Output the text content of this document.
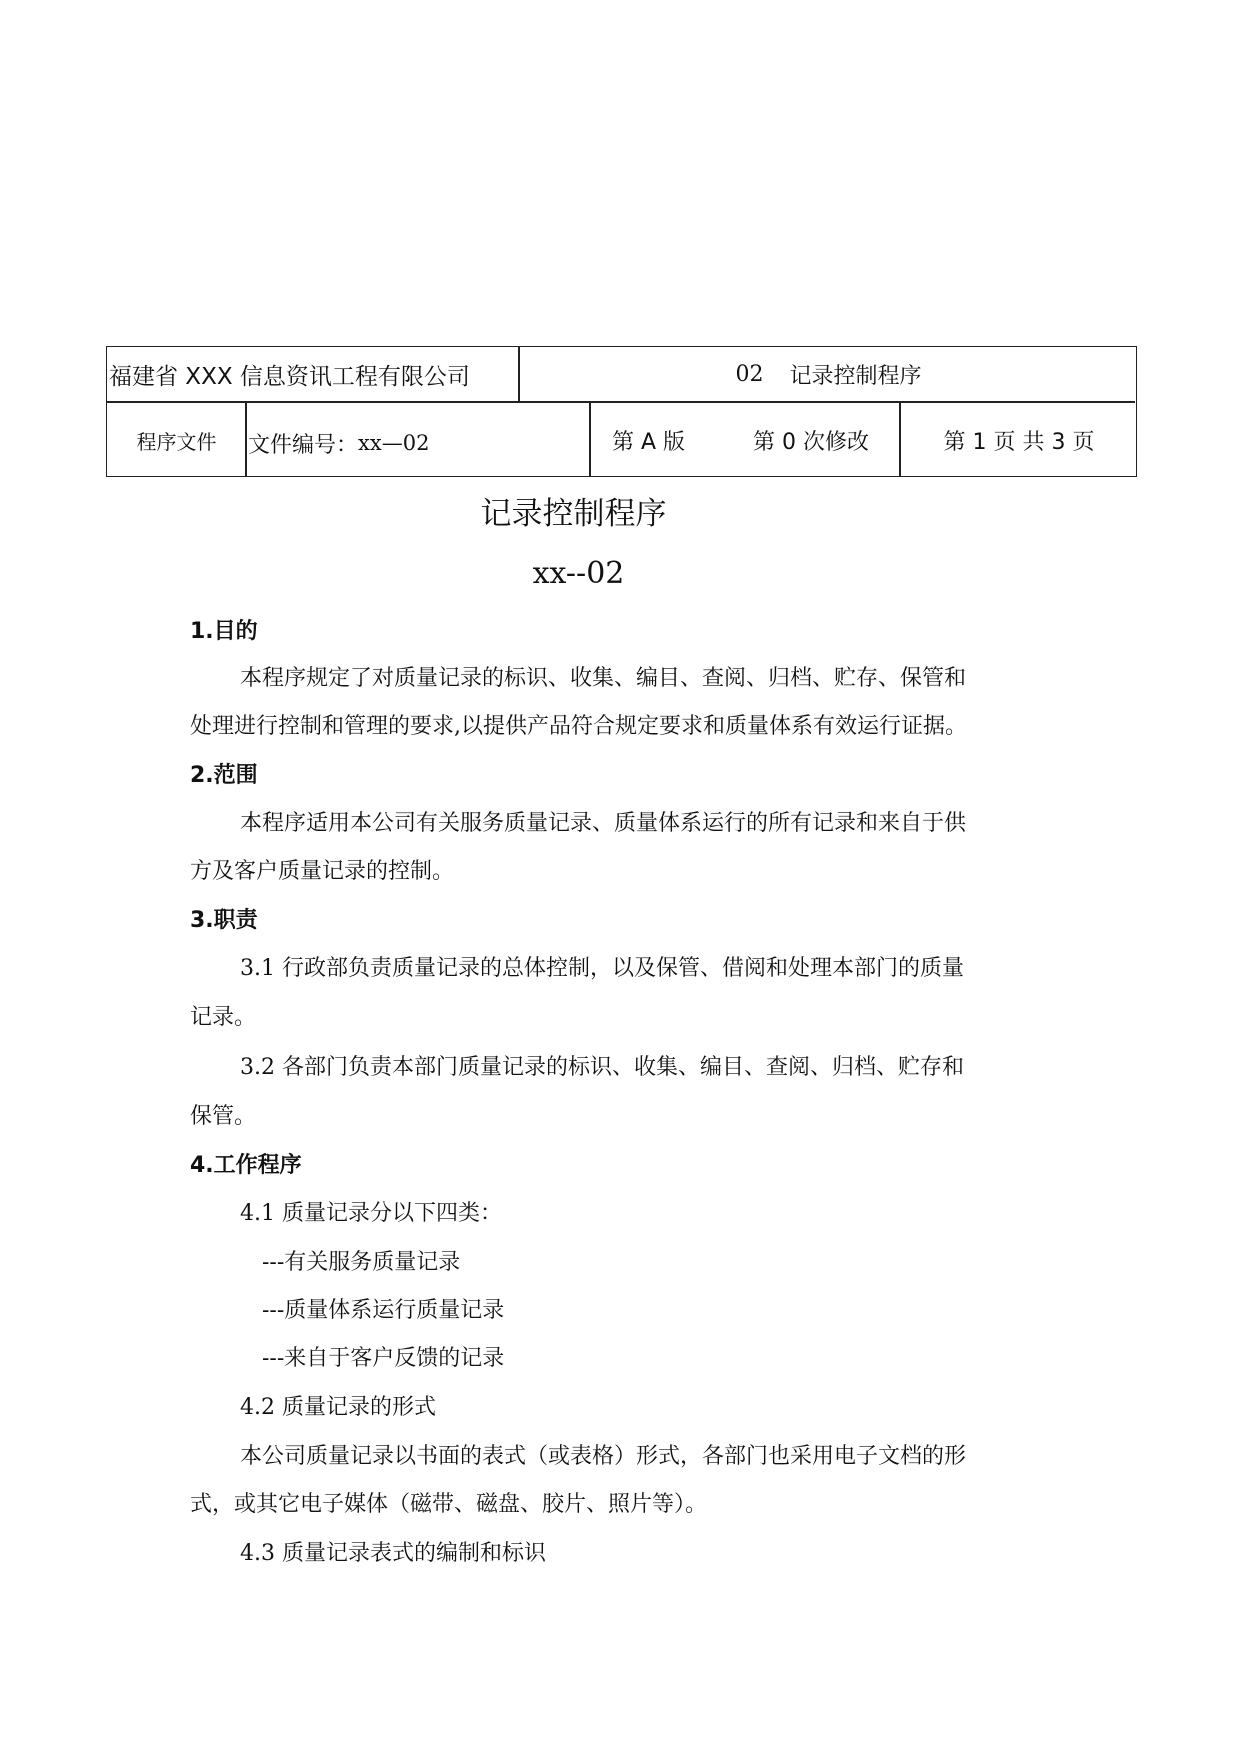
福建省 XXX 信息资讯工程有限公司	02 记录控制程序
程序文件	文件编号： xx—02	第 A 版	第 0 次修改	第 1 页 共 3 页
记录控制程序
xx--02
1.目的
本程序规定了对质量记录的标识、收集、编目、查阅、归档、贮存、保管和
处理进行控制和管理的要求,以提供产品符合规定要求和质量体系有效运行证据。
2.范围
本程序适用本公司有关服务质量记录、质量体系运行的所有记录和来自于供
方及客户质量记录的控制。
3.职责
3.1 行政部负责质量记录的总体控制，以及保管、借阅和处理本部门的质量
记录。
3.2 各部门负责本部门质量记录的标识、收集、编目、查阅、归档、贮存和
保管。
4.工作程序
4.1 质量记录分以下四类：
---有关服务质量记录
---质量体系运行质量记录
---来自于客户反馈的记录
4.2 质量记录的形式
本公司质量记录以书面的表式（或表格）形式，各部门也采用电子文档的形
式，或其它电子媒体（磁带、磁盘、胶片、照片等）。
4.3 质量记录表式的编制和标识
